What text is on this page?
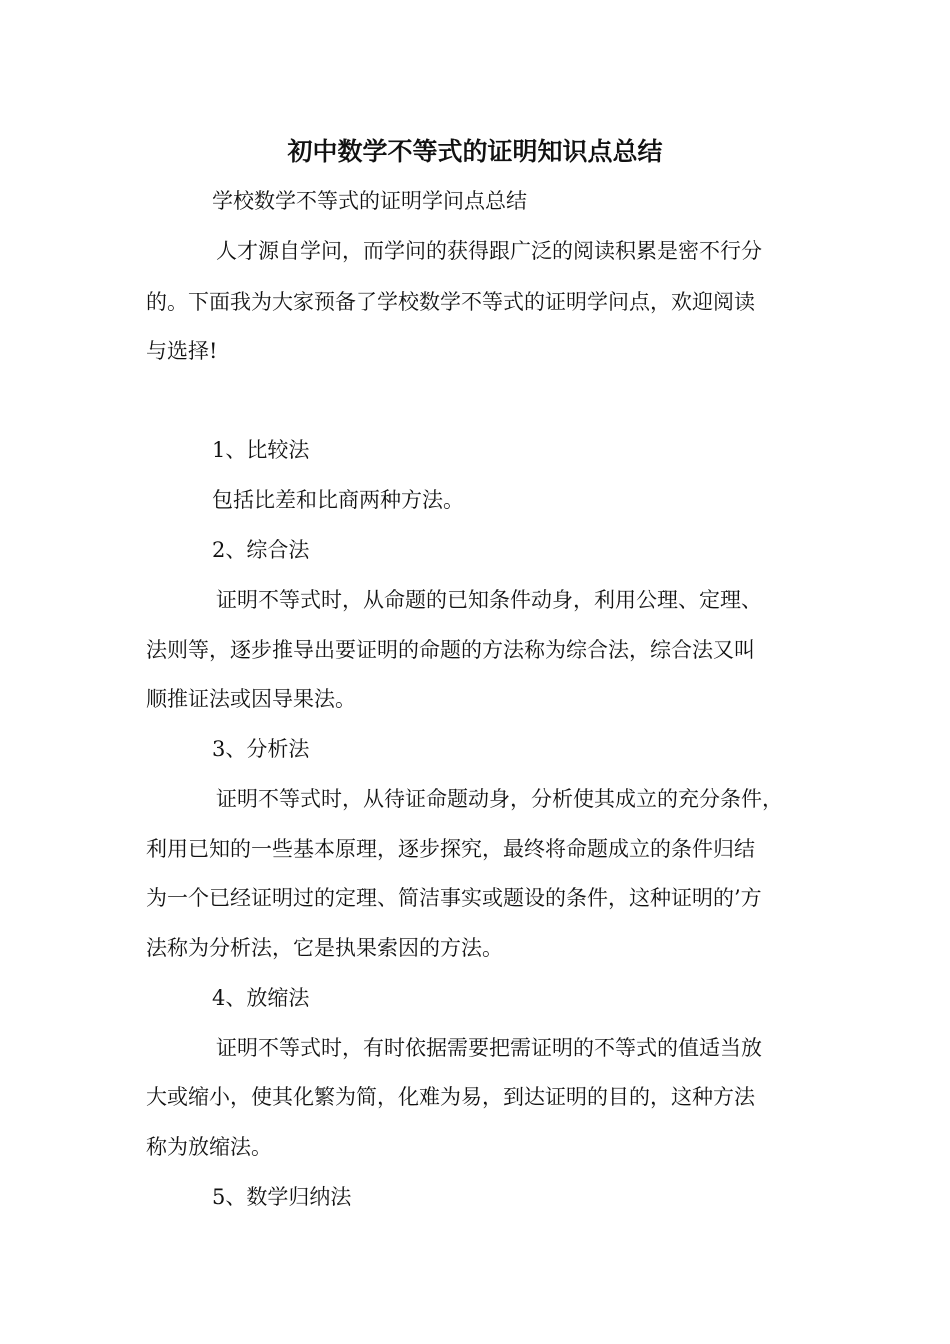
初中数学不等式的证明知识点总结
学校数学不等式的证明学问点总结
人才源自学问，而学问的获得跟广泛的阅读积累是密不行分
的。下面我为大家预备了学校数学不等式的证明学问点，欢迎阅读
与选择!
1、比较法
包括比差和比商两种方法。
2、综合法
证明不等式时，从命题的已知条件动身，利用公理、定理、
法则等，逐步推导出要证明的命题的方法称为综合法，综合法又叫
顺推证法或因导果法。
3、分析法
证明不等式时，从待证命题动身，分析使其成立的充分条件，
利用已知的一些基本原理，逐步探究，最终将命题成立的条件归结
为一个已经证明过的定理、简洁事实或题设的条件，这种证明的’方
法称为分析法，它是执果索因的方法。
4、放缩法
证明不等式时，有时依据需要把需证明的不等式的值适当放
大或缩小，使其化繁为简，化难为易，到达证明的目的，这种方法
称为放缩法。
5、数学归纳法
